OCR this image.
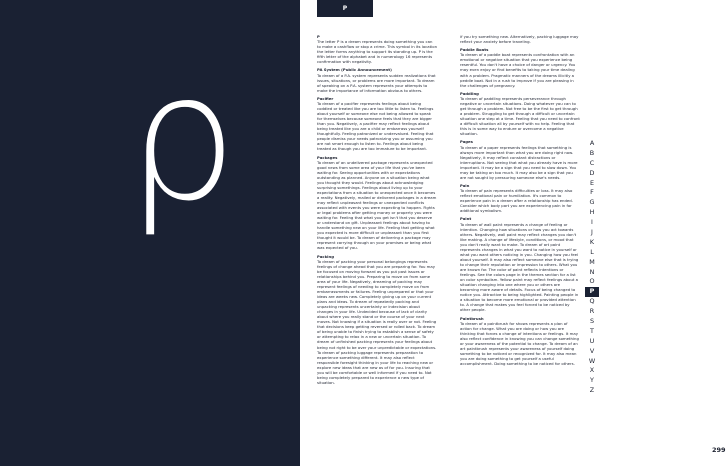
ρ
P

P

The letter P is a dream represents doing something you can to make a cashflow or stop a crime. This symbol in its location the letter forms anything to support its standing up. P is the fifth letter of the alphabet and in numerology 16 represents confirmation with negativity.

PA System (Public Announcement)

To dream of a P.A. system represents sudden realizations that issues, situations, or problems are more important. To dream of speaking on a P.A. system represents your attempts to make the importance of information obvious to others.

Pacifier

To dream of a pacifier represents feelings about being coddled or treated like you are too little to listen to. Feelings about yourself or someone else not being allowed to speak for themselves because someone feels that they are bigger than you. Negatively, a pacifier may reflect feelings about being treated like you are a child or embarrass yourself thoughtfully. Feeling patronized or undervalued. Feeling that people dismiss your needs patronizing you or assuming you are not smart enough to listen to. Feelings about being treated as though you are too immature to be important.

Packages

To dream of an undelivered package represents unexpected good news from some area of your life that you've been waiting for. Seeing opportunities with or expectations outstanding as planned. Anyone on a situation being what you thought they would. Feelings about acknowledging surprising somethings. Feelings about living up to your expectations from a situation to unexpected once it becomes a reality. Negatively, mailed or delivered packages in a dream may reflect unpleasant feelings or unexpected conflicts associated with events you were expecting to happen. Fights or legal problems after getting money or property you were waiting for. Feeling that what you get isn't that you deserve or understand on gift. Unpleasant feelings about having to handle something new on your life. Feeling that getting what you expected is more difficult or unpleasant than you first thought it would be. To dream of delivering a package may represent carrying through on your promises or being what was expected of you.

Packing

To dream of packing your personal belongings represents feelings of change ahead that you are preparing for. You may be focused on moving forward as you put past issues or relationships behind you. Preparing to move on from some area of your life. Negatively, dreaming of packing may represent feelings of needing to completely move on from embarrassments or failures. Feeling unprepared or that your ideas are weeks new. Completely giving up on your current plans and ideas. To dream of repeatedly packing and unpacking represents uncertainty or indecision about changes in your life. Undecided because of lack of clarity about where you really stand or the course of your next moves. Not knowing if a situation is really over or not. Feeling that decisions keep getting reversed or rolled back. To dream of being unable to finish trying to establish a sense of safety or attempting to relax in a new or uncertain situation. To dream of unfinished packing represents your feelings about being not right to be over your unpredictable or expectations. To dream of packing luggage represents preparation to experience something different. It may also reflect responsible foresight thinking in your life to reaching new or explore new ideas that are new as of for you. Insuring that you will be comfortable or well informed if you need to. Not being completely prepared to experience a new type of situation.

if you try something new. Alternatively, packing luggage may reflect your anxiety before traveling.

Paddle Boats

To dream of a paddle boat represents confrontation with an emotional or negative situation that you experience being resentful. You don't have a choice of danger or urgency. You may even enjoy or find benefits to taking your time dealing with a problem. Pragmatic manners of the dreams illicitly a peddle boat. Not in a rush to improve if you are pleasing in the challenges of pregnancy.

Paddling

To dream of paddling represents perseverance through negative or uncertain situations. Doing whatever you can to get through a problem. Not free to be the first to get through a problem. Struggling to get through a difficult or uncertain situation one step at a time. Feeling that you need to confront a difficult situation all by yourself with no help. Feeling that this is in some way to endure or overcome a negative situation.

Pages

To dream of a paper represents feelings that something is always more important than what you are doing right now. Negatively, it may reflect constant distractions or interruptions. Not seeing that what you already have is more important. It may be a sign that you need to slow down. You may be taking on too much. It may also be a sign that you are not sought by pressuring someone else's needs.

Pain

To dream of pain represents difficulties or loss. It may also reflect emotional pain or humiliation. It's common to experience pain in a dream after a relationship has ended. Consider which body part you are experiencing pain in for additional symbolism.

Paint

To dream of wall paint represents a change of feeling or intention. Changing how situations or how you act towards others. Negatively, wall paint may reflect changes you don't like making. A change of lifestyle, conditions, or mood that you don't really want to make. To dream of art paint represents changes in what you want to notice in yourself or what you want others noticing in you. Changing how you feel about yourself. It may also reflect someone else that is trying to change their reputation or impression to others. What you are known for. The color of paint reflects intentions or feelings. See the colors page in the themes section for a list on color symbolism. Yellow paint may reflect feelings about a situation changing into one where you or others are becoming more aware of details. Focus of being changed to notice you. Attractive to being highlighted. Painting people in a situation to become more emotional or provided attention to. A change that makes you feel forced to be noticed by other people.

Paintbrush

To dream of a paintbrush for shows represents a plan of action for change. What you are doing or how you are thinking that forces a change of intentions or feelings. It may also reflect confidence in knowing you can change something or your awareness of the potential to change. To dream of an art paintbrush represents your awareness of yourself doing something to be noticed or recognized for. It may also mean you are doing something to get yourself a useful accomplishment. Doing something to be noticed for others.

299
A
B
C
D
E
F
G
H
I
J
K
L
M
N
O
P
Q
R
S
T
U
V
W
X
Y
Z
